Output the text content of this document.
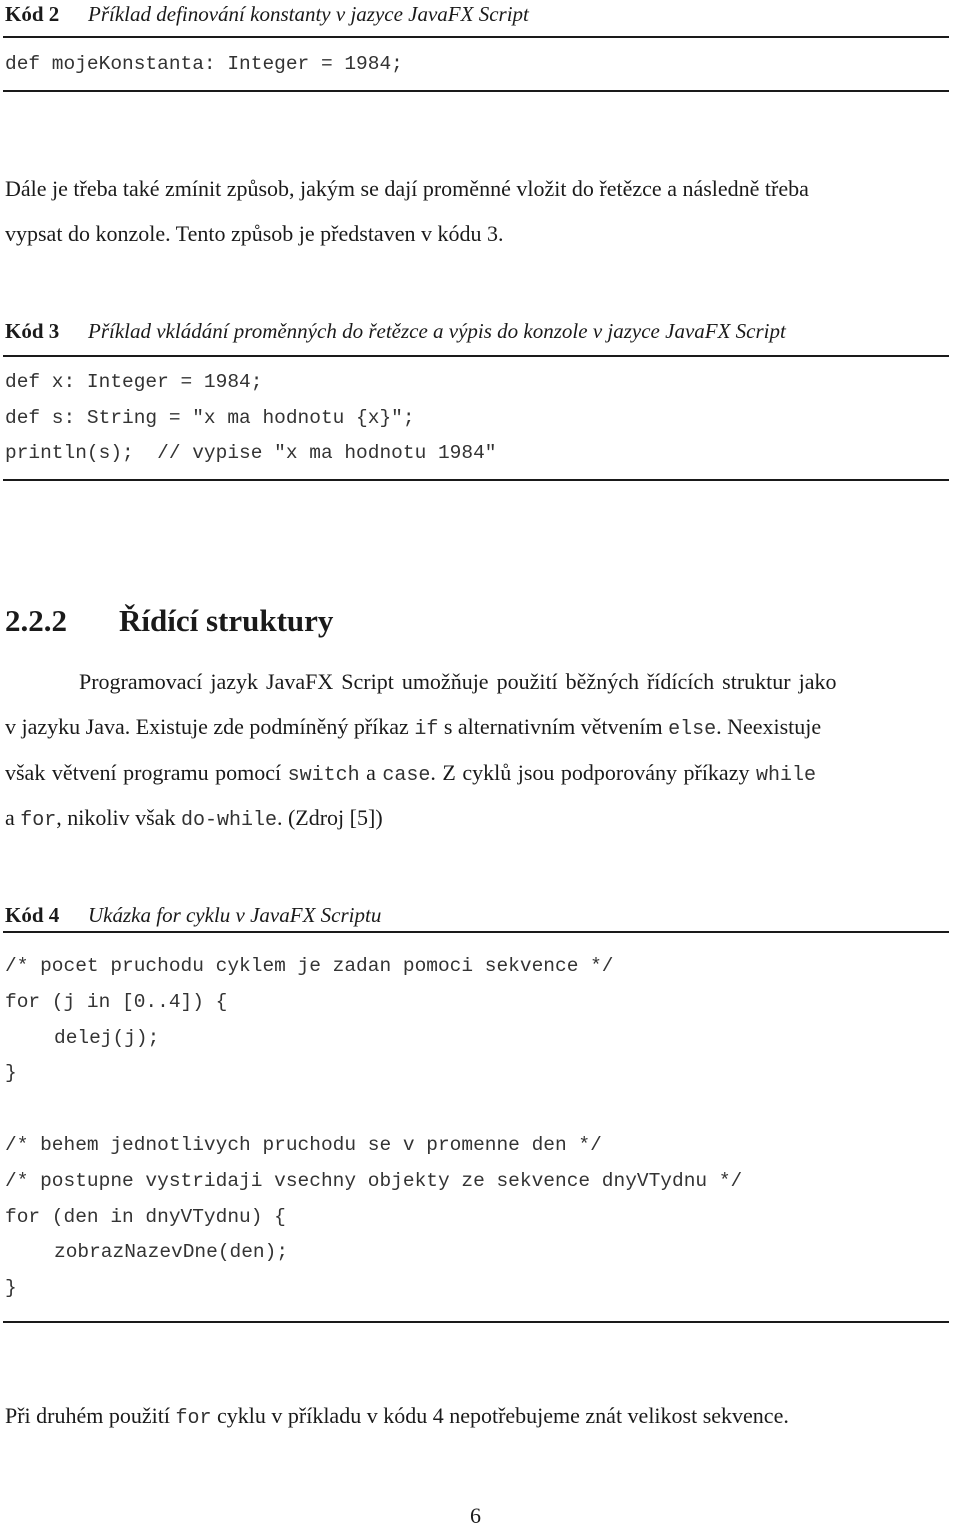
Kód 2 Příklad definování konstanty v jazyce JavaFX Script
def mojeKonstanta: Integer = 1984;
Dále je třeba také zmínit způsob, jakým se dají proměnné vložit do řetězce a následně třeba
vypsat do konzole. Tento způsob je představen v kódu 3.
Kód 3 Příklad vkládání proměnných do řetězce a výpis do konzole v jazyce JavaFX Script
def x: Integer = 1984;
def s: String = "x ma hodnotu {x}";
println(s);  // vypise "x ma hodnotu 1984"
2.2.2 Řídící struktury
Programovací jazyk JavaFX Script umožňuje použití běžných řídících struktur jako
v jazyku Java. Existuje zde podmíněný příkaz if s alternativním větvením else. Neexistuje
však větvení programu pomocí switch a case. Z cyklů jsou podporovány příkazy while
a for, nikoliv však do-while. (Zdroj [5])
Kód 4 Ukázka for cyklu v JavaFX Scriptu
/* pocet pruchodu cyklem je zadan pomoci sekvence */
for (j in [0..4]) {
delej(j);
}
/* behem jednotlivych pruchodu se v promenne den */
/* postupne vystridaji vsechny objekty ze sekvence dnyVTydnu */
for (den in dnyVTydnu) {
zobrazNazevDne(den);
}
Při druhém použití for cyklu v příkladu v kódu 4 nepotřebujeme znát velikost sekvence.
6
